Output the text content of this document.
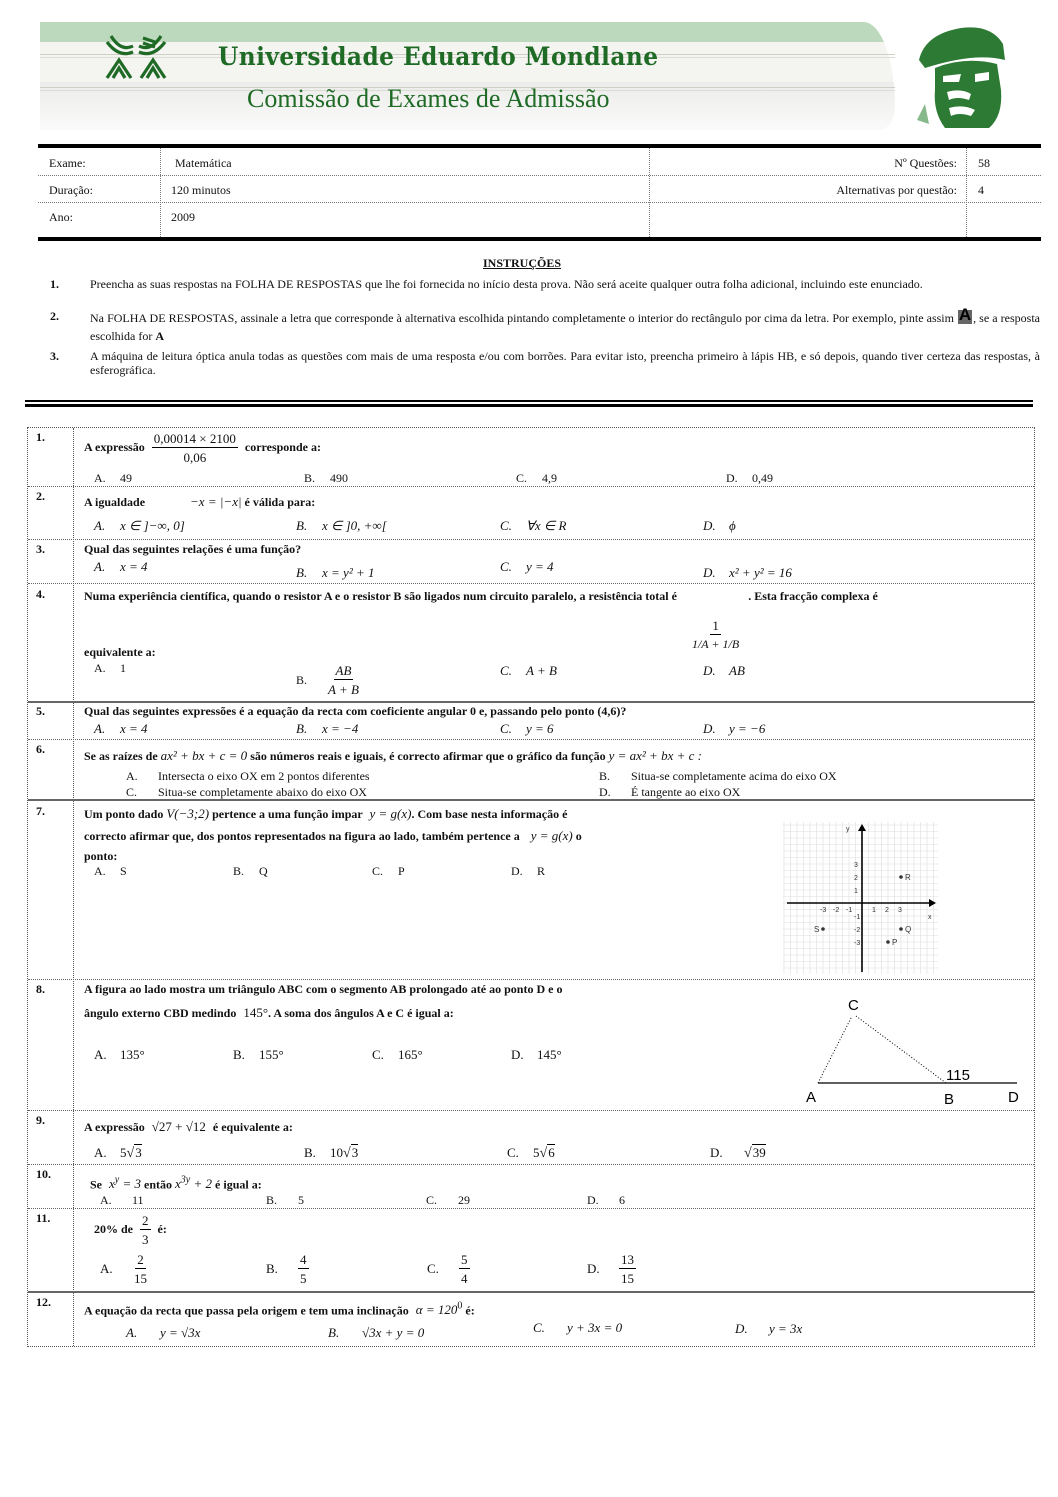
Universidade Eduardo Mondlane
Comissão de Exames de Admissão
Exame:	Matemática	Nº Questões: 58
Duração:	120 minutos	Alternativas por questão: 4
Ano:	2009
INSTRUÇÕES
1.	Preencha as suas respostas na FOLHA DE RESPOSTAS que lhe foi fornecida no início desta prova. Não será aceite qualquer outra folha adicional, incluindo este enunciado.
2.	Na FOLHA DE RESPOSTAS, assinale a letra que corresponde à alternativa escolhida pintando completamente o interior do rectângulo por cima da letra. Por exemplo, pinte assim A , se a resposta escolhida for A
3.	A máquina de leitura óptica anula todas as questões com mais de uma resposta e/ou com borrões. Para evitar isto, preencha primeiro à lápis HB, e só depois, quando tiver certeza das respostas, à esferográfica.
1.
A expressão $\frac{0,00014 \times 2100}{0,06}$ corresponde a:
A. 49	B. 490	C. 4,9	D. 0,49
2.	A igualdade	−x = |−x| é válida para:
A. x ∈ ]−∞, 0]	B. x ∈ ]0, +∞[	C. ∀x ∈ R	D. ϕ
3.	Qual das seguintes relações é uma função?
A. x = 4	B. x = y² + 1	C. y = 4	D. x² + y² = 16
4.	Numa experiência científica, quando o resistor A e o resistor B são ligados num circuito paralelo, a resistência total é
$\frac{1}{1/A + 1/B}$
. Esta fracção complexa é
equivalente a:
A. 1
B. $\frac{AB}{A + B}$	C. A + B	D. AB
5.	Qual das seguintes expressões é a equação da recta com coeficiente angular 0 e, passando pelo ponto (4,6)?
A. x = 4	B. x = −4	C. y = 6	D. y = −6
6.	Se as raízes de ax² + bx + c = 0 são números reais e iguais, é correcto afirmar que o gráfico da função y = ax² + bx + c :
A. Intersecta o eixo OX em 2 pontos diferentes	B. Situa-se completamente acima do eixo OX
C. Situa-se completamente abaixo do eixo OX	D. É tangente ao eixo OX
7.	Um ponto dado V(−3;2) pertence a uma função impar y = g(x). Com base nesta informação é
correcto afirmar que, dos pontos representados na figura ao lado, também pertence a y = g(x) o
ponto:
A. S	B. Q	C. P	D. R
x
y
-3 -2 -1	1 2 3
3
2
1
-1
-2
-3
R
Q
P
S
8.	A figura ao lado mostra um triângulo ABC com o segmento AB prolongado até ao ponto D e o
ângulo externo CBD medindo 145°. A soma dos ângulos A e C é igual a:
A. 135°	B. 155°	C. 165°	D. 145°
C
A	B	D
115
9.	A expressão √27 + √12 é equivalente a:
A. 5√3	B. 10√3	C. 5√6	D. √39
10.
Se $x^y = 3$ então $x^{3y} + 2$ é igual a:
A. 11	B. 5	C. 29	D. 6
11.
20% de $\frac{2}{3}$ é:
A. $\frac{2}{15}$	B. $\frac{4}{5}$	C. $\frac{5}{4}$	D. $\frac{13}{15}$
12.
A equação da recta que passa pela origem e tem uma inclinação $\alpha = 120^0$ é:
A. y = √3x	B. √3x + y = 0	C. y + 3x = 0	D. y = 3x
